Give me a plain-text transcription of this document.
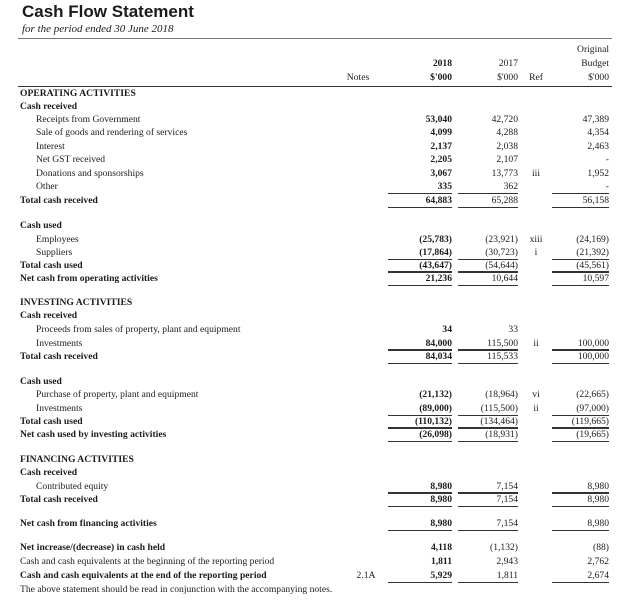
Cash Flow Statement
for the period ended 30 June 2018
Notes
2018
$'000
2017
$'000	Ref
Original
Budget
$'000
OPERATING ACTIVITIES
Cash received
Receipts from Government	53,040	42,720	47,389
Sale of goods and rendering of services	4,099	4,288	4,354
Interest	2,137	2,038	2,463
Net GST received	2,205	2,107	-
Donations and sponsorships	3,067	13,773	iii	1,952
Other	335	362	-
Total cash received	64,883	65,288	56,158
Cash used
Employees	(25,783)	(23,921)	xiii	(24,169)
Suppliers	(17,864)	(30,723)	i	(21,392)
Total cash used	(43,647)	(54,644)	(45,561)
Net cash from operating activities	21,236	10,644	10,597
INVESTING ACTIVITIES
Cash received
Proceeds from sales of property, plant and equipment	34	33
Investments	84,000	115,500	ii	100,000
Total cash received	84,034	115,533	100,000
Cash used
Purchase of property, plant and equipment	(21,132)	(18,964)	vi	(22,665)
Investments	(89,000)	(115,500)	ii	(97,000)
Total cash used	(110,132)	(134,464)	(119,665)
Net cash used by investing activities	(26,098)	(18,931)	(19,665)
FINANCING ACTIVITIES
Cash received
Contributed equity	8,980	7,154	8,980
Total cash received	8,980	7,154	8,980
Net cash from financing activities	8,980	7,154	8,980
Net increase/(decrease) in cash held	4,118	(1,132)	(88)
Cash and cash equivalents at the beginning of the reporting period	1,811	2,943	2,762
Cash and cash equivalents at the end of the reporting period	2.1A	5,929	1,811	2,674
The above statement should be read in conjunction with the accompanying notes.
